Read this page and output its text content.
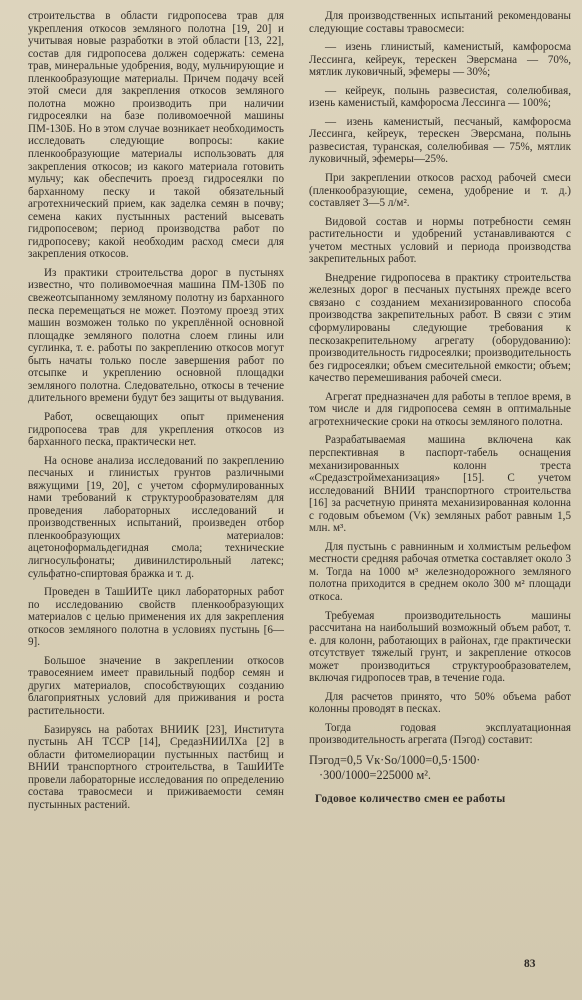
строительства в области гидропосева трав для укрепления откосов земляного полотна [19, 20] и учитывая новые разработки в этой области [13, 22], состав для гидропосева должен содержать: семена трав, минеральные удобрения, воду, мульчирующие и пленкообразующие материалы. Причем подачу всей этой смеси для закрепления откосов земляного полотна можно производить при наличии гидросеялки на базе поливомоечной машины ПМ-130Б. Но в этом случае возникает необходимость исследовать следующие вопросы: какие пленкообразующие материалы использовать для закрепления откосов; из какого материала готовить мульчу; как обеспечить проезд гидросеялки по барханному песку и такой обязательный агротехнический прием, как заделка семян в почву; семена каких пустынных растений высевать гидропосевом; период производства работ по гидропосеву; какой необходим расход смеси для закрепления откосов.

Из практики строительства дорог в пустынях известно, что поливомоечная машина ПМ-130Б по свежеотсыпанному земляному полотну из барханного песка перемещаться не может. Поэтому проезд этих машин возможен только по укреплённой основной площадке земляного полотна слоем глины или суглинка, т. е. работы по закреплению откосов могут быть начаты только после завершения работ по отсыпке и укреплению основной площадки земляного полотна. Следовательно, откосы в течение длительного времени будут без защиты от выдувания.

Работ, освещающих опыт применения гидропосева трав для укрепления откосов из барханного песка, практически нет.

На основе анализа исследований по закреплению песчаных и глинистых грунтов различными вяжущими [19, 20], с учетом сформулированных нами требований к структурообразователям для проведения лабораторных исследований и производственных испытаний, произведен отбор пленкообразующих материалов: ацетоноформальдегидная смола; технические лигносульфонаты; дивинилстирольный латекс; сульфатно-спиртовая бражка и т. д.

Проведен в ТашИИТе цикл лабораторных работ по исследованию свойств пленкообразующих материалов с целью применения их для закрепления откосов земляного полотна в условиях пустынь [6—9].

Большое значение в закреплении откосов травосеянием имеет правильный подбор семян и других материалов, способствующих созданию благоприятных условий для приживания и роста растительности.

Базируясь на работах ВНИИК [23], Института пустынь АН ТССР [14], СредазНИИЛХа [2] в области фитомелиорации пустынных пастбищ и ВНИИ транспортного строительства, в ТашИИТе провели лабораторные исследования по определению состава травосмеси и приживаемости семян пустынных растений.

Для производственных испытаний рекомендованы следующие составы травосмеси:

— изень глинистый, каменистый, камфоросма Лессинга, кейреук, терескен Эверсмана — 70%, мятлик луковичный, эфемеры — 30%;

— кейреук, полынь развесистая, солелюбивая, изень каменистый, камфоросма Лессинга — 100%;

— изень каменистый, песчаный, камфоросма Лессинга, кейреук, терескен Эверсмана, полынь развесистая, туранская, солелюбивая — 75%, мятлик луковичный, эфемеры—25%.

При закреплении откосов расход рабочей смеси (пленкообразующие, семена, удобрение и т. д.) составляет 3—5 л/м².

Видовой состав и нормы потребности семян растительности и удобрений устанавливаются с учетом местных условий и периода производства закрепительных работ.

Внедрение гидропосева в практику строительства железных дорог в песчаных пустынях прежде всего связано с созданием механизированного способа производства закрепительных работ. В связи с этим сформулированы следующие требования к пескозакрепительному агрегату (оборудованию): производительность гидросеялки; производительность без гидросеялки; объем смесительной емкости; объем; качество перемешивания рабочей смеси.

Агрегат предназначен для работы в теплое время, в том числе и для гидропосева семян в оптимальные агротехнические сроки на откосы земляного полотна.

Разрабатываемая машина включена как перспективная в паспорт-табель оснащения механизированных колонн треста «Средазстроймеханизация» [15]. С учетом исследований ВНИИ транспортного строительства [16] за расчетную принята механизированная колонна с годовым объемом (Vк) земляных работ равным 1,5 млн. м³.

Для пустынь с равнинным и холмистым рельефом местности средняя рабочая отметка составляет около 3 м. Тогда на 1000 м³ железнодорожного земляного полотна приходится в среднем около 300 м² площади откоса.

Требуемая производительность машины рассчитана на наибольший возможный объем работ, т. е. для колонн, работающих в районах, где практически отсутствует тяжелый грунт, и закрепление откосов может производиться структурообразователем, включая гидропосев трав, в течение года.

Для расчетов принято, что 50% объема работ колонны проводят в песках.

Тогда годовая эксплуатационная производительность агрегата (Пэгод) составит:

Пэгод=0,5 Vк·Sо/1000=0,5·1500·
·300/1000=225000 м².
Годовое количество смен ее работы
83
